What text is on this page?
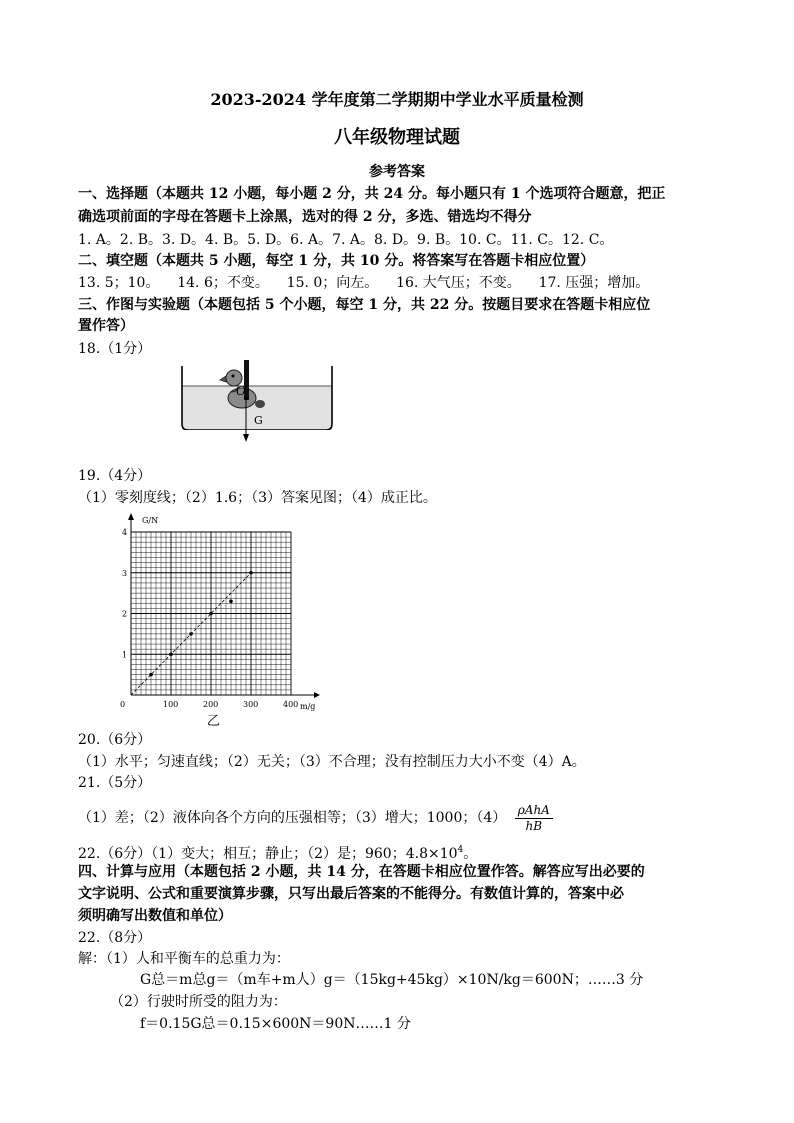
2023-2024 学年度第二学期期中学业水平质量检测
八年级物理试题
参考答案
一、选择题（本题共 12 小题，每小题 2 分，共 24 分。每小题只有 1 个选项符合题意，把正
确选项前面的字母在答题卡上涂黑，选对的得 2 分，多选、错选均不得分
1. A。2. B。3. D。4. B。5. D。6. A。7. A。8. D。9. B。10. C。11. C。12. C。
二、填空题（本题共 5 小题，每空 1 分，共 10 分。将答案写在答题卡相应位置）
13. 5；10。    14. 6；不变。    15. 0；向左。    16. 大气压；不变。    17. 压强；增加。
三、作图与实验题（本题包括 5 个小题，每空 1 分，共 22 分。按题目要求在答题卡相应位
置作答）
18.（1分）
O
G
19.（4分）
（1）零刻度线；（2）1.6；（3）答案见图；（4）成正比。
0	100	200	300	400
1
2
3
4
G/N
m/g
乙
20.（6分）
（1）水平；匀速直线；（2）无关；（3）不合理；没有控制压力大小不变（4）A。
21.（5分）
（1）差；（2）液体向各个方向的压强相等；（3）增大；1000；$(4) \frac{\text{ρAhA}}{hB}$
22.（6分）（1）变大；相互；静止；（2）是；960；$4.8\times 10^4$。
四、计算与应用（本题包括 2 小题，共 14 分，在答题卡相应位置作答。解答应写出必要的
文字说明、公式和重要演算步骤，只写出最后答案的不能得分。有数值计算的，答案中必
须明确写出数值和单位）
22.（8分）
解：（1）人和平衡车的总重力为：
G总＝m总g＝（m车+m人）g＝（15kg+45kg）×10N/kg＝600N；……3 分
（2）行驶时所受的阻力为：
f＝0.15G总＝0.15×600N＝90N……1 分
